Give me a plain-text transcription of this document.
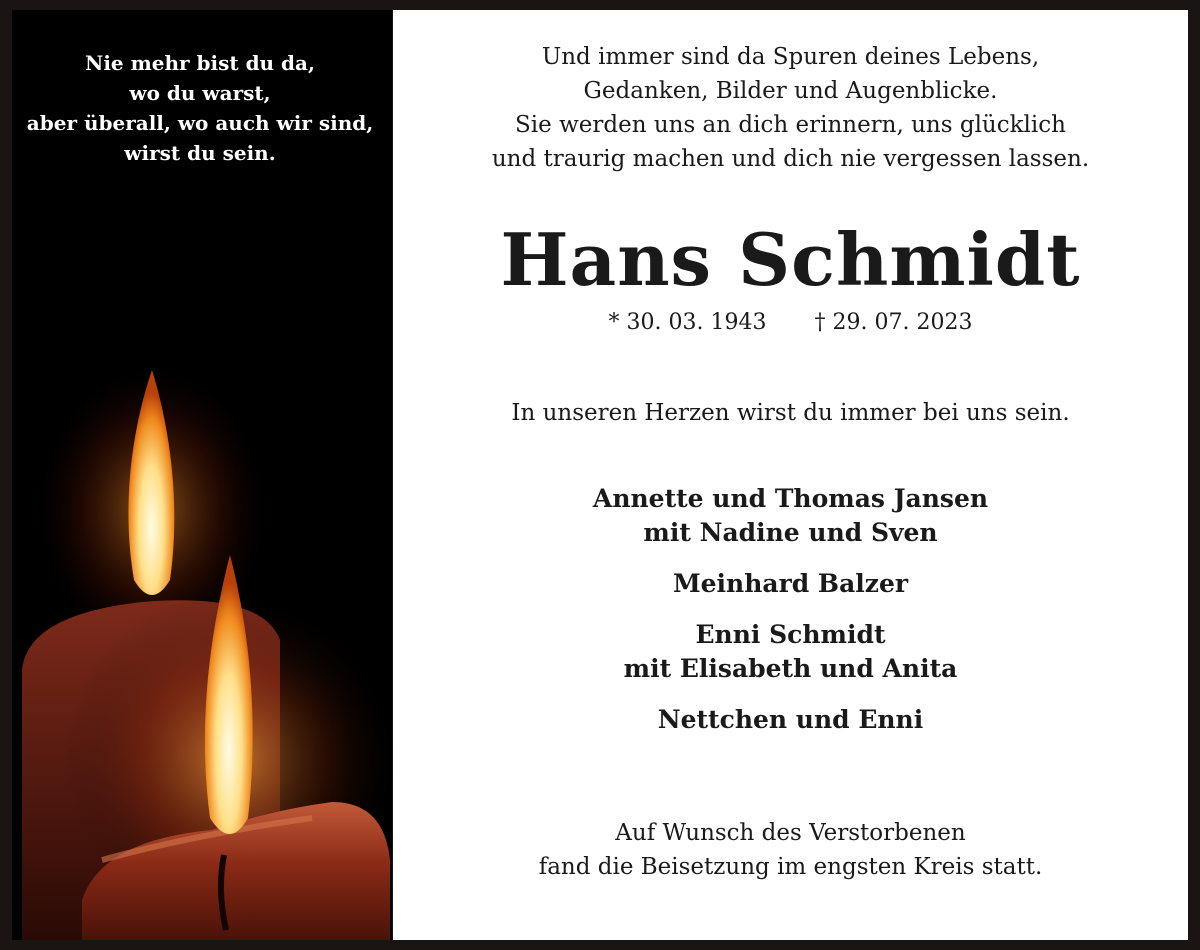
Nie mehr bist du da,
wo du warst,
aber überall, wo auch wir sind,
wirst du sein.
Und immer sind da Spuren deines Lebens,
Gedanken, Bilder und Augenblicke.
Sie werden uns an dich erinnern, uns glücklich
und traurig machen und dich nie vergessen lassen.
Hans Schmidt
* 30. 03. 1943 † 29. 07. 2023
In unseren Herzen wirst du immer bei uns sein.
Annette und Thomas Jansen
mit Nadine und Sven
Meinhard Balzer
Enni Schmidt
mit Elisabeth und Anita
Nettchen und Enni
Auf Wunsch des Verstorbenen
fand die Beisetzung im engsten Kreis statt.
